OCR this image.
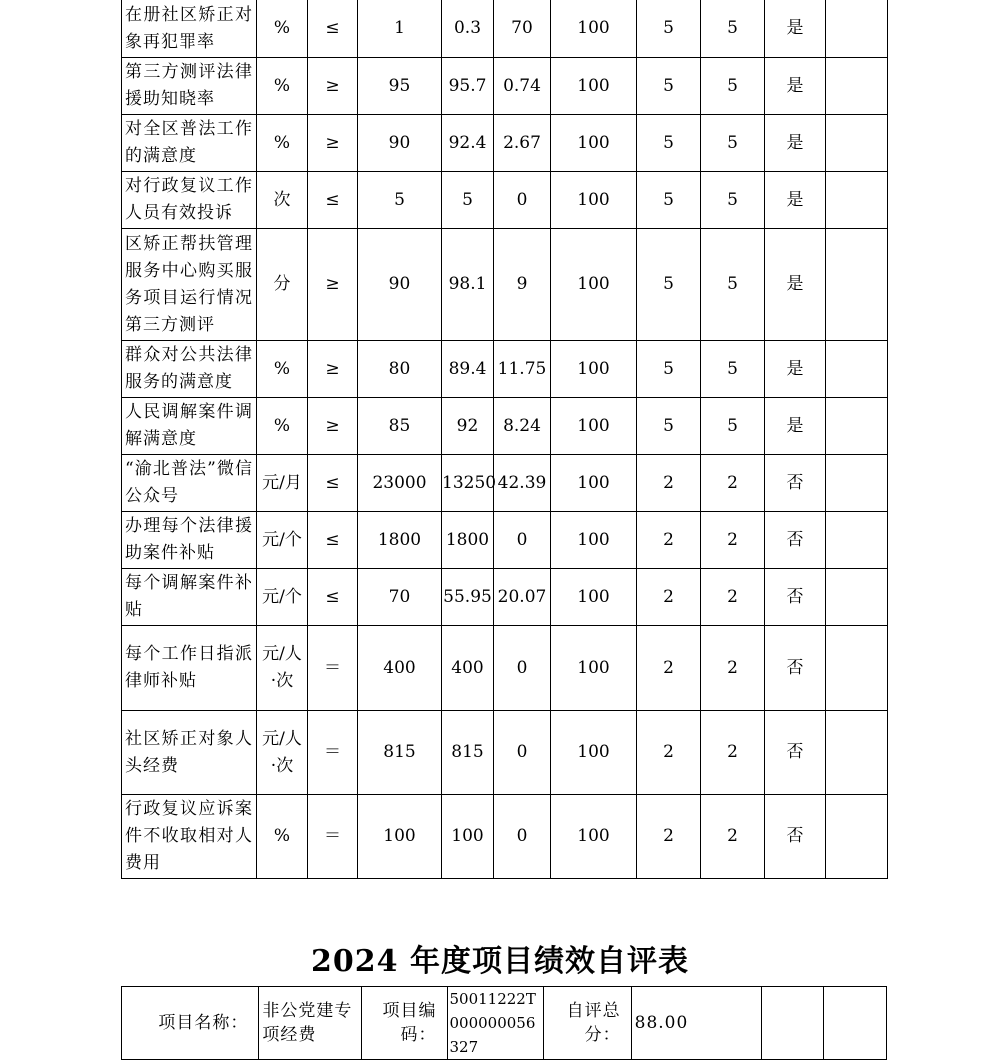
在册社区矫正对象再犯罪率	%	≤	1	0.3	70	100	5	5	是	
第三方测评法律援助知晓率	%	≥	95	95.7	0.74	100	5	5	是	
对全区普法工作的满意度	%	≥	90	92.4	2.67	100	5	5	是	
对行政复议工作人员有效投诉	次	≤	5	5	0	100	5	5	是	
区矫正帮扶管理服务中心购买服务项目运行情况第三方测评	分	≥	90	98.1	9	100	5	5	是	
群众对公共法律服务的满意度	%	≥	80	89.4	11.75	100	5	5	是	
人民调解案件调解满意度	%	≥	85	92	8.24	100	5	5	是	
“渝北普法”微信公众号	元/月	≤	23000	13250	42.39	100	2	2	否	
办理每个法律援助案件补贴	元/个	≤	1800	1800	0	100	2	2	否	
每个调解案件补贴	元/个	≤	70	55.95	20.07	100	2	2	否	
每个工作日指派律师补贴	元/人·次	＝	400	400	0	100	2	2	否	
社区矫正对象人头经费	元/人·次	＝	815	815	0	100	2	2	否	
行政复议应诉案件不收取相对人费用	%	＝	100	100	0	100	2	2	否	
2024 年度项目绩效自评表
项目名称：	非公党建专项经费	项目编码：	50011222T000000056327	自评总分：	88.00		
